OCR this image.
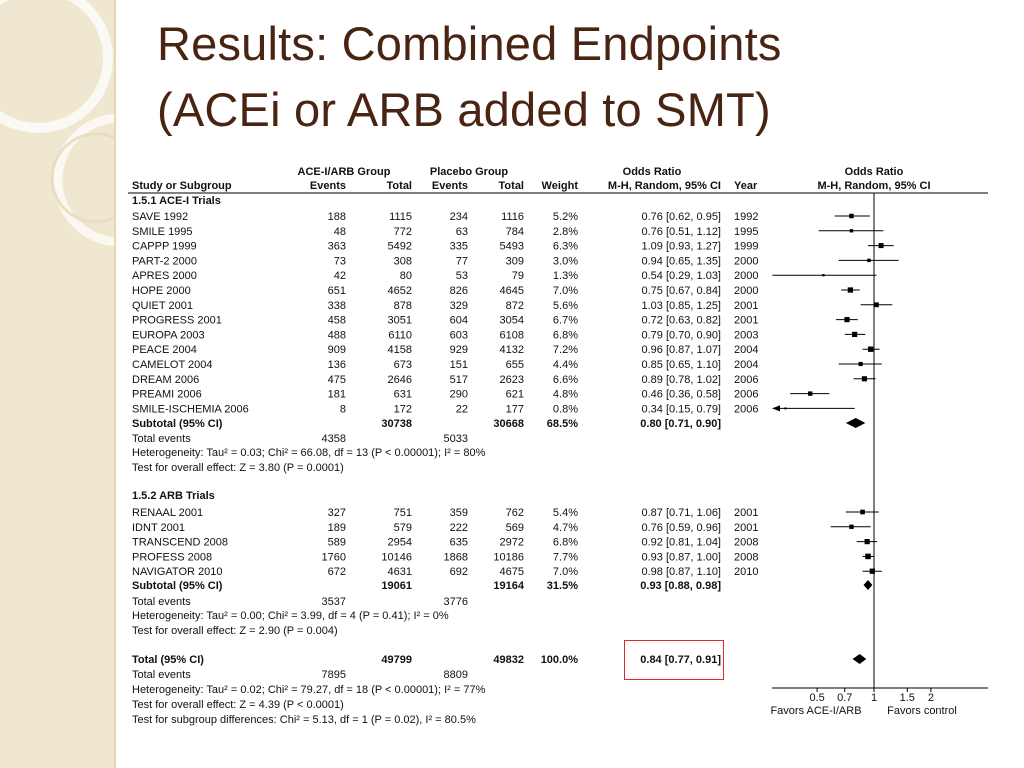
Results: Combined Endpoints
(ACEi or ARB added to SMT)
ACE-I/ARB Group	Placebo Group	Odds Ratio	Odds Ratio
Study or Subgroup	Events	Total Events	Total Weight	M-H, Random, 95% CI Year	M-H, Random, 95% CI
1.5.1 ACE-I Trials
SAVE 1992	188	1115	234	1116	5.2%	0.76 [0.62, 0.95] 1992
SMILE 1995	48	772	63	784	2.8%	0.76 [0.51, 1.12] 1995
CAPPP 1999	363	5492	335	5493	6.3%	1.09 [0.93, 1.27] 1999
PART-2 2000	73	308	77	309	3.0%	0.94 [0.65, 1.35] 2000
APRES 2000	42	80	53	79	1.3%	0.54 [0.29, 1.03] 2000
HOPE 2000	651	4652	826	4645	7.0%	0.75 [0.67, 0.84] 2000
QUIET 2001	338	878	329	872	5.6%	1.03 [0.85, 1.25] 2001
PROGRESS 2001	458	3051	604	3054	6.7%	0.72 [0.63, 0.82] 2001
EUROPA 2003	488	6110	603	6108	6.8%	0.79 [0.70, 0.90] 2003
PEACE 2004	909	4158	929	4132	7.2%	0.96 [0.87, 1.07] 2004
CAMELOT 2004	136	673	151	655	4.4%	0.85 [0.65, 1.10] 2004
DREAM 2006	475	2646	517	2623	6.6%	0.89 [0.78, 1.02] 2006
PREAMI 2006	181	631	290	621	4.8%	0.46 [0.36, 0.58] 2006
SMILE-ISCHEMIA 2006	8	172	22	177	0.8%	0.34 [0.15, 0.79] 2006
Subtotal (95% CI)	30738	30668 68.5%	0.80 [0.71, 0.90]
Total events	4358	5033
Heterogeneity: Tau² = 0.03; Chi² = 66.08, df = 13 (P < 0.00001); I² = 80%
Test for overall effect: Z = 3.80 (P = 0.0001)
1.5.2 ARB Trials
RENAAL 2001	327	751	359	762	5.4%	0.87 [0.71, 1.06] 2001
IDNT 2001	189	579	222	569	4.7%	0.76 [0.59, 0.96] 2001
TRANSCEND 2008	589	2954	635	2972	6.8%	0.92 [0.81, 1.04] 2008
PROFESS 2008	1760	10146	1868 10186	7.7%	0.93 [0.87, 1.00] 2008
NAVIGATOR 2010	672	4631	692	4675	7.0%	0.98 [0.87, 1.10] 2010
Subtotal (95% CI)	19061	19164 31.5%	0.93 [0.88, 0.98]
Total events	3537	3776
Heterogeneity: Tau² = 0.00; Chi² = 3.99, df = 4 (P = 0.41); I² = 0%
Test for overall effect: Z = 2.90 (P = 0.004)
Total (95% CI)	49799	49832 100.0%	0.84 [0.77, 0.91]
Total events	7895	8809
Heterogeneity: Tau² = 0.02; Chi² = 79.27, df = 18 (P < 0.00001); I² = 77%
Test for overall effect: Z = 4.39 (P < 0.0001)
Test for subgroup differences: Chi² = 5.13, df = 1 (P = 0.02), I² = 80.5%
0.5 0.7 1 1.5 2
Favors ACE-I/ARB Favors control
